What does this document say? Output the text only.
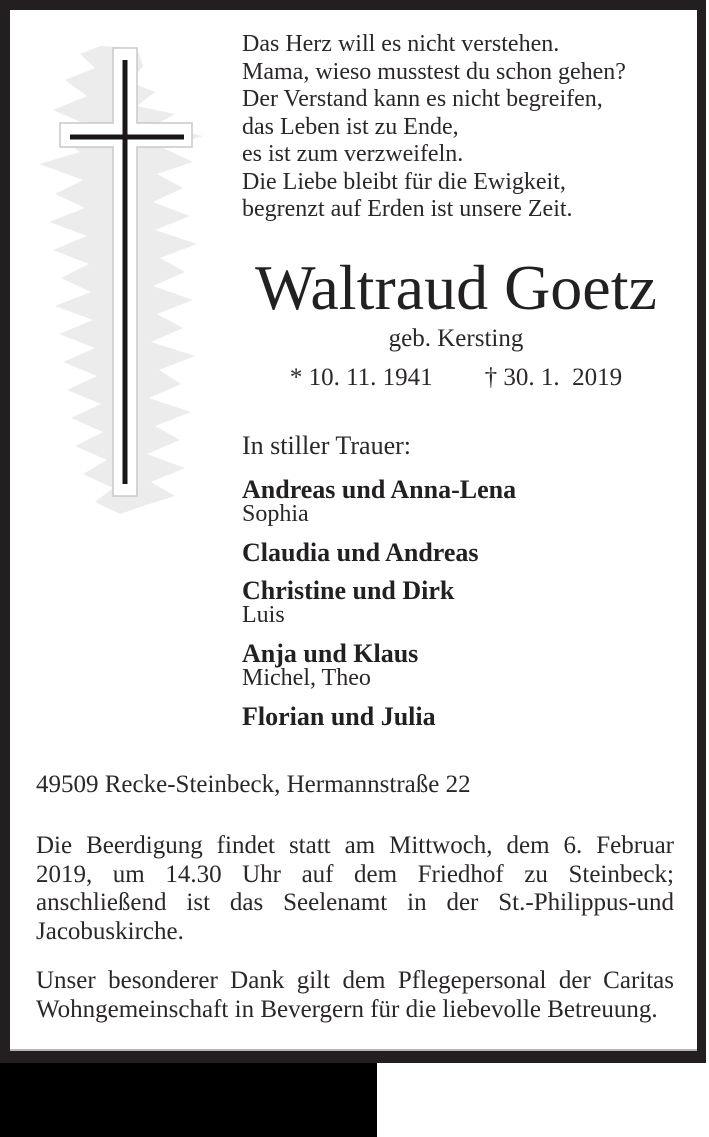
Das Herz will es nicht verstehen.
Mama, wieso musstest du schon gehen?
Der Verstand kann es nicht begreifen,
das Leben ist zu Ende,
es ist zum verzweifeln.
Die Liebe bleibt für die Ewigkeit,
begrenzt auf Erden ist unsere Zeit.
Waltraud Goetz
geb. Kersting
* 10. 11. 1941 † 30. 1.  2019
In stiller Trauer:
Andreas und Anna-Lena
Sophia
Claudia und Andreas
Christine und Dirk
Luis
Anja und Klaus
Michel, Theo
Florian und Julia
49509 Recke-Steinbeck, Hermannstraße 22
Die Beerdigung findet statt am Mittwoch, dem 6. Februar
2019, um 14.30 Uhr auf dem Friedhof zu Steinbeck;
anschließend ist das Seelenamt in der St.-Philippus-und
Jacobuskirche.
Unser besonderer Dank gilt dem Pflegepersonal der Caritas
Wohngemeinschaft in Bevergern für die liebevolle Betreuung.
